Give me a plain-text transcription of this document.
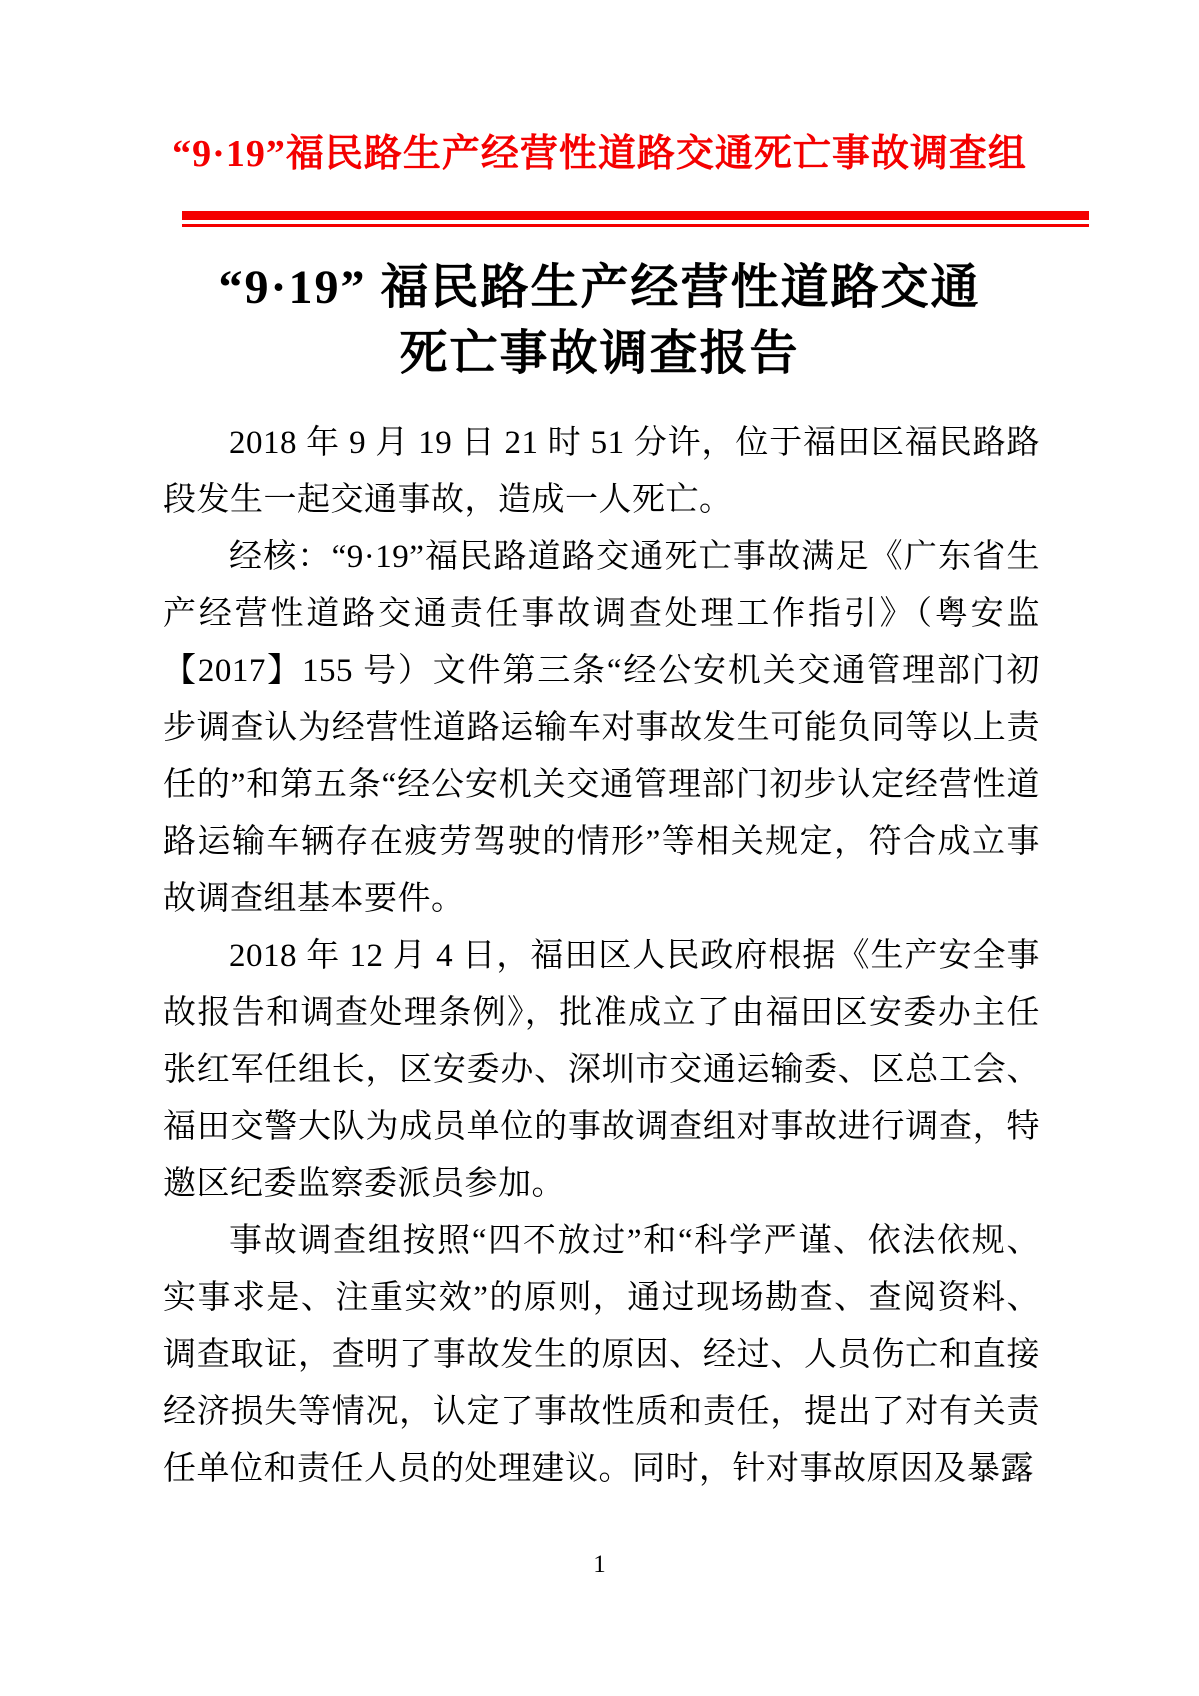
“9·19”福民路生产经营性道路交通死亡事故调查组
“9·19” 福民路生产经营性道路交通
死亡事故调查报告

2018 年 9 月 19 日 21 时 51 分许，位于福田区福民路路段发生一起交通事故，造成一人死亡。

经核：“9·19”福民路道路交通死亡事故满足《广东省生产经营性道路交通责任事故调查处理工作指引》（粤安监【2017】155 号）文件第三条“经公安机关交通管理部门初步调查认为经营性道路运输车对事故发生可能负同等以上责任的”和第五条“经公安机关交通管理部门初步认定经营性道路运输车辆存在疲劳驾驶的情形”等相关规定，符合成立事故调查组基本要件。

2018 年 12 月 4 日，福田区人民政府根据《生产安全事故报告和调查处理条例》，批准成立了由福田区安委办主任张红军任组长，区安委办、深圳市交通运输委、区总工会、福田交警大队为成员单位的事故调查组对事故进行调查，特邀区纪委监察委派员参加。

事故调查组按照“四不放过”和“科学严谨、依法依规、实事求是、注重实效”的原则，通过现场勘查、查阅资料、调查取证，查明了事故发生的原因、经过、人员伤亡和直接经济损失等情况，认定了事故性质和责任，提出了对有关责任单位和责任人员的处理建议。同时，针对事故原因及暴露

1
